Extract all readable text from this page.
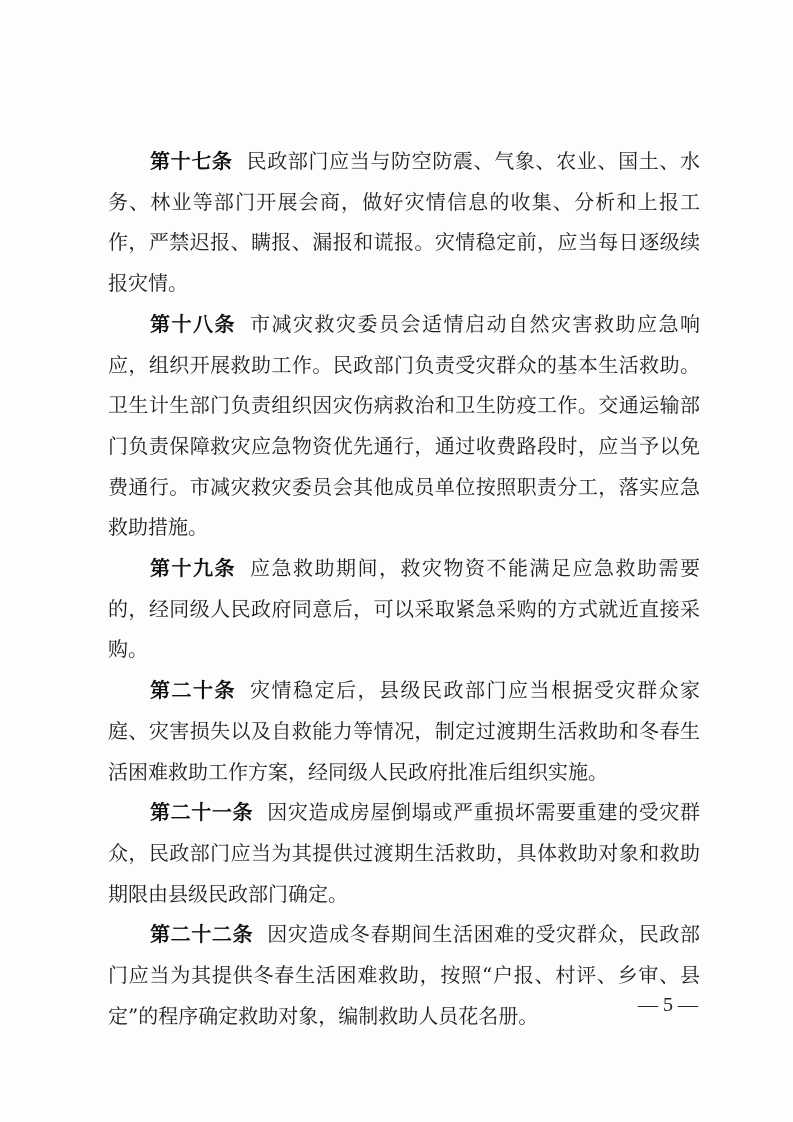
第十七条 民政部门应当与防空防震、气象、农业、国土、水务、林业等部门开展会商，做好灾情信息的收集、分析和上报工作，严禁迟报、瞒报、漏报和谎报。灾情稳定前，应当每日逐级续报灾情。

第十八条 市减灾救灾委员会适情启动自然灾害救助应急响应，组织开展救助工作。民政部门负责受灾群众的基本生活救助。卫生计生部门负责组织因灾伤病救治和卫生防疫工作。交通运输部门负责保障救灾应急物资优先通行，通过收费路段时，应当予以免费通行。市减灾救灾委员会其他成员单位按照职责分工，落实应急救助措施。

第十九条 应急救助期间，救灾物资不能满足应急救助需要的，经同级人民政府同意后，可以采取紧急采购的方式就近直接采购。

第二十条 灾情稳定后，县级民政部门应当根据受灾群众家庭、灾害损失以及自救能力等情况，制定过渡期生活救助和冬春生活困难救助工作方案，经同级人民政府批准后组织实施。

第二十一条 因灾造成房屋倒塌或严重损坏需要重建的受灾群众，民政部门应当为其提供过渡期生活救助，具体救助对象和救助期限由县级民政部门确定。

第二十二条 因灾造成冬春期间生活困难的受灾群众，民政部门应当为其提供冬春生活困难救助，按照“户报、村评、乡审、县定”的程序确定救助对象，编制救助人员花名册。	— 5 —
